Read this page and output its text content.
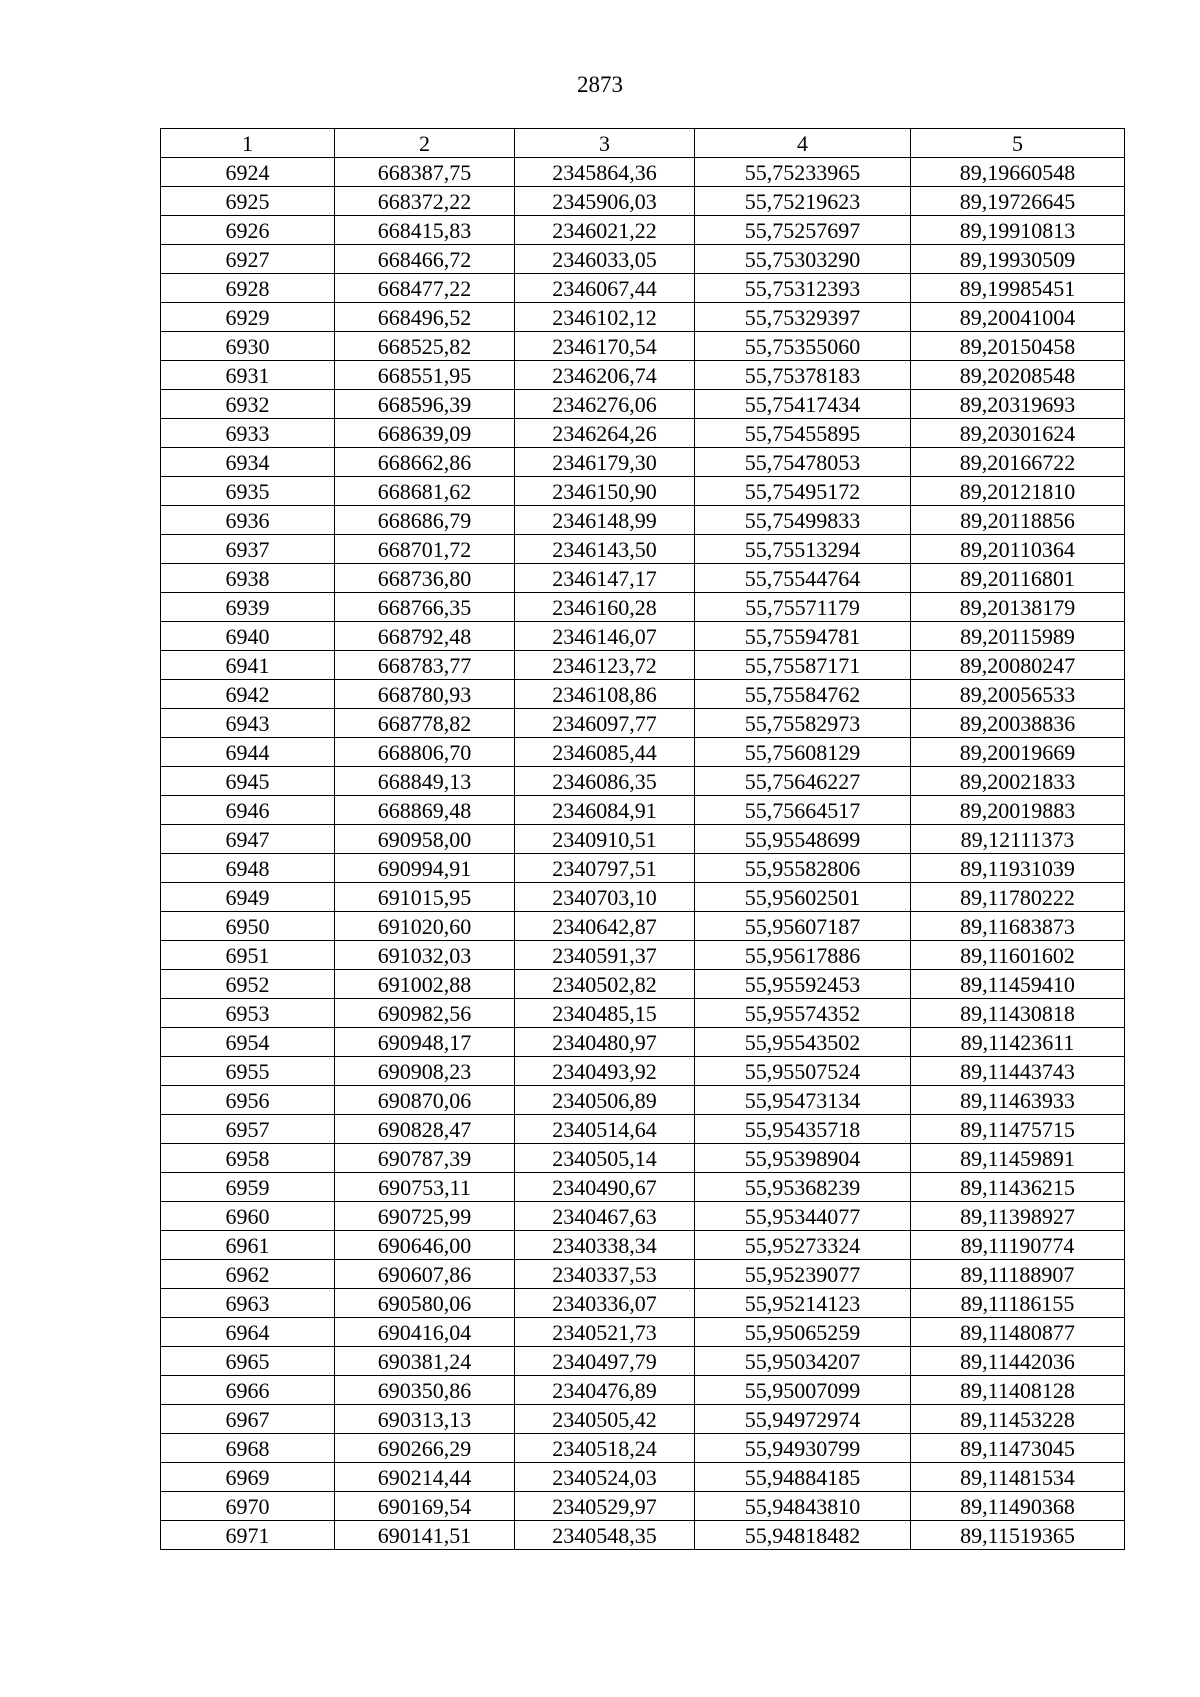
2873
1	2	3	4	5
6924	668387,75	2345864,36	55,75233965	89,19660548
6925	668372,22	2345906,03	55,75219623	89,19726645
6926	668415,83	2346021,22	55,75257697	89,19910813
6927	668466,72	2346033,05	55,75303290	89,19930509
6928	668477,22	2346067,44	55,75312393	89,19985451
6929	668496,52	2346102,12	55,75329397	89,20041004
6930	668525,82	2346170,54	55,75355060	89,20150458
6931	668551,95	2346206,74	55,75378183	89,20208548
6932	668596,39	2346276,06	55,75417434	89,20319693
6933	668639,09	2346264,26	55,75455895	89,20301624
6934	668662,86	2346179,30	55,75478053	89,20166722
6935	668681,62	2346150,90	55,75495172	89,20121810
6936	668686,79	2346148,99	55,75499833	89,20118856
6937	668701,72	2346143,50	55,75513294	89,20110364
6938	668736,80	2346147,17	55,75544764	89,20116801
6939	668766,35	2346160,28	55,75571179	89,20138179
6940	668792,48	2346146,07	55,75594781	89,20115989
6941	668783,77	2346123,72	55,75587171	89,20080247
6942	668780,93	2346108,86	55,75584762	89,20056533
6943	668778,82	2346097,77	55,75582973	89,20038836
6944	668806,70	2346085,44	55,75608129	89,20019669
6945	668849,13	2346086,35	55,75646227	89,20021833
6946	668869,48	2346084,91	55,75664517	89,20019883
6947	690958,00	2340910,51	55,95548699	89,12111373
6948	690994,91	2340797,51	55,95582806	89,11931039
6949	691015,95	2340703,10	55,95602501	89,11780222
6950	691020,60	2340642,87	55,95607187	89,11683873
6951	691032,03	2340591,37	55,95617886	89,11601602
6952	691002,88	2340502,82	55,95592453	89,11459410
6953	690982,56	2340485,15	55,95574352	89,11430818
6954	690948,17	2340480,97	55,95543502	89,11423611
6955	690908,23	2340493,92	55,95507524	89,11443743
6956	690870,06	2340506,89	55,95473134	89,11463933
6957	690828,47	2340514,64	55,95435718	89,11475715
6958	690787,39	2340505,14	55,95398904	89,11459891
6959	690753,11	2340490,67	55,95368239	89,11436215
6960	690725,99	2340467,63	55,95344077	89,11398927
6961	690646,00	2340338,34	55,95273324	89,11190774
6962	690607,86	2340337,53	55,95239077	89,11188907
6963	690580,06	2340336,07	55,95214123	89,11186155
6964	690416,04	2340521,73	55,95065259	89,11480877
6965	690381,24	2340497,79	55,95034207	89,11442036
6966	690350,86	2340476,89	55,95007099	89,11408128
6967	690313,13	2340505,42	55,94972974	89,11453228
6968	690266,29	2340518,24	55,94930799	89,11473045
6969	690214,44	2340524,03	55,94884185	89,11481534
6970	690169,54	2340529,97	55,94843810	89,11490368
6971	690141,51	2340548,35	55,94818482	89,11519365
